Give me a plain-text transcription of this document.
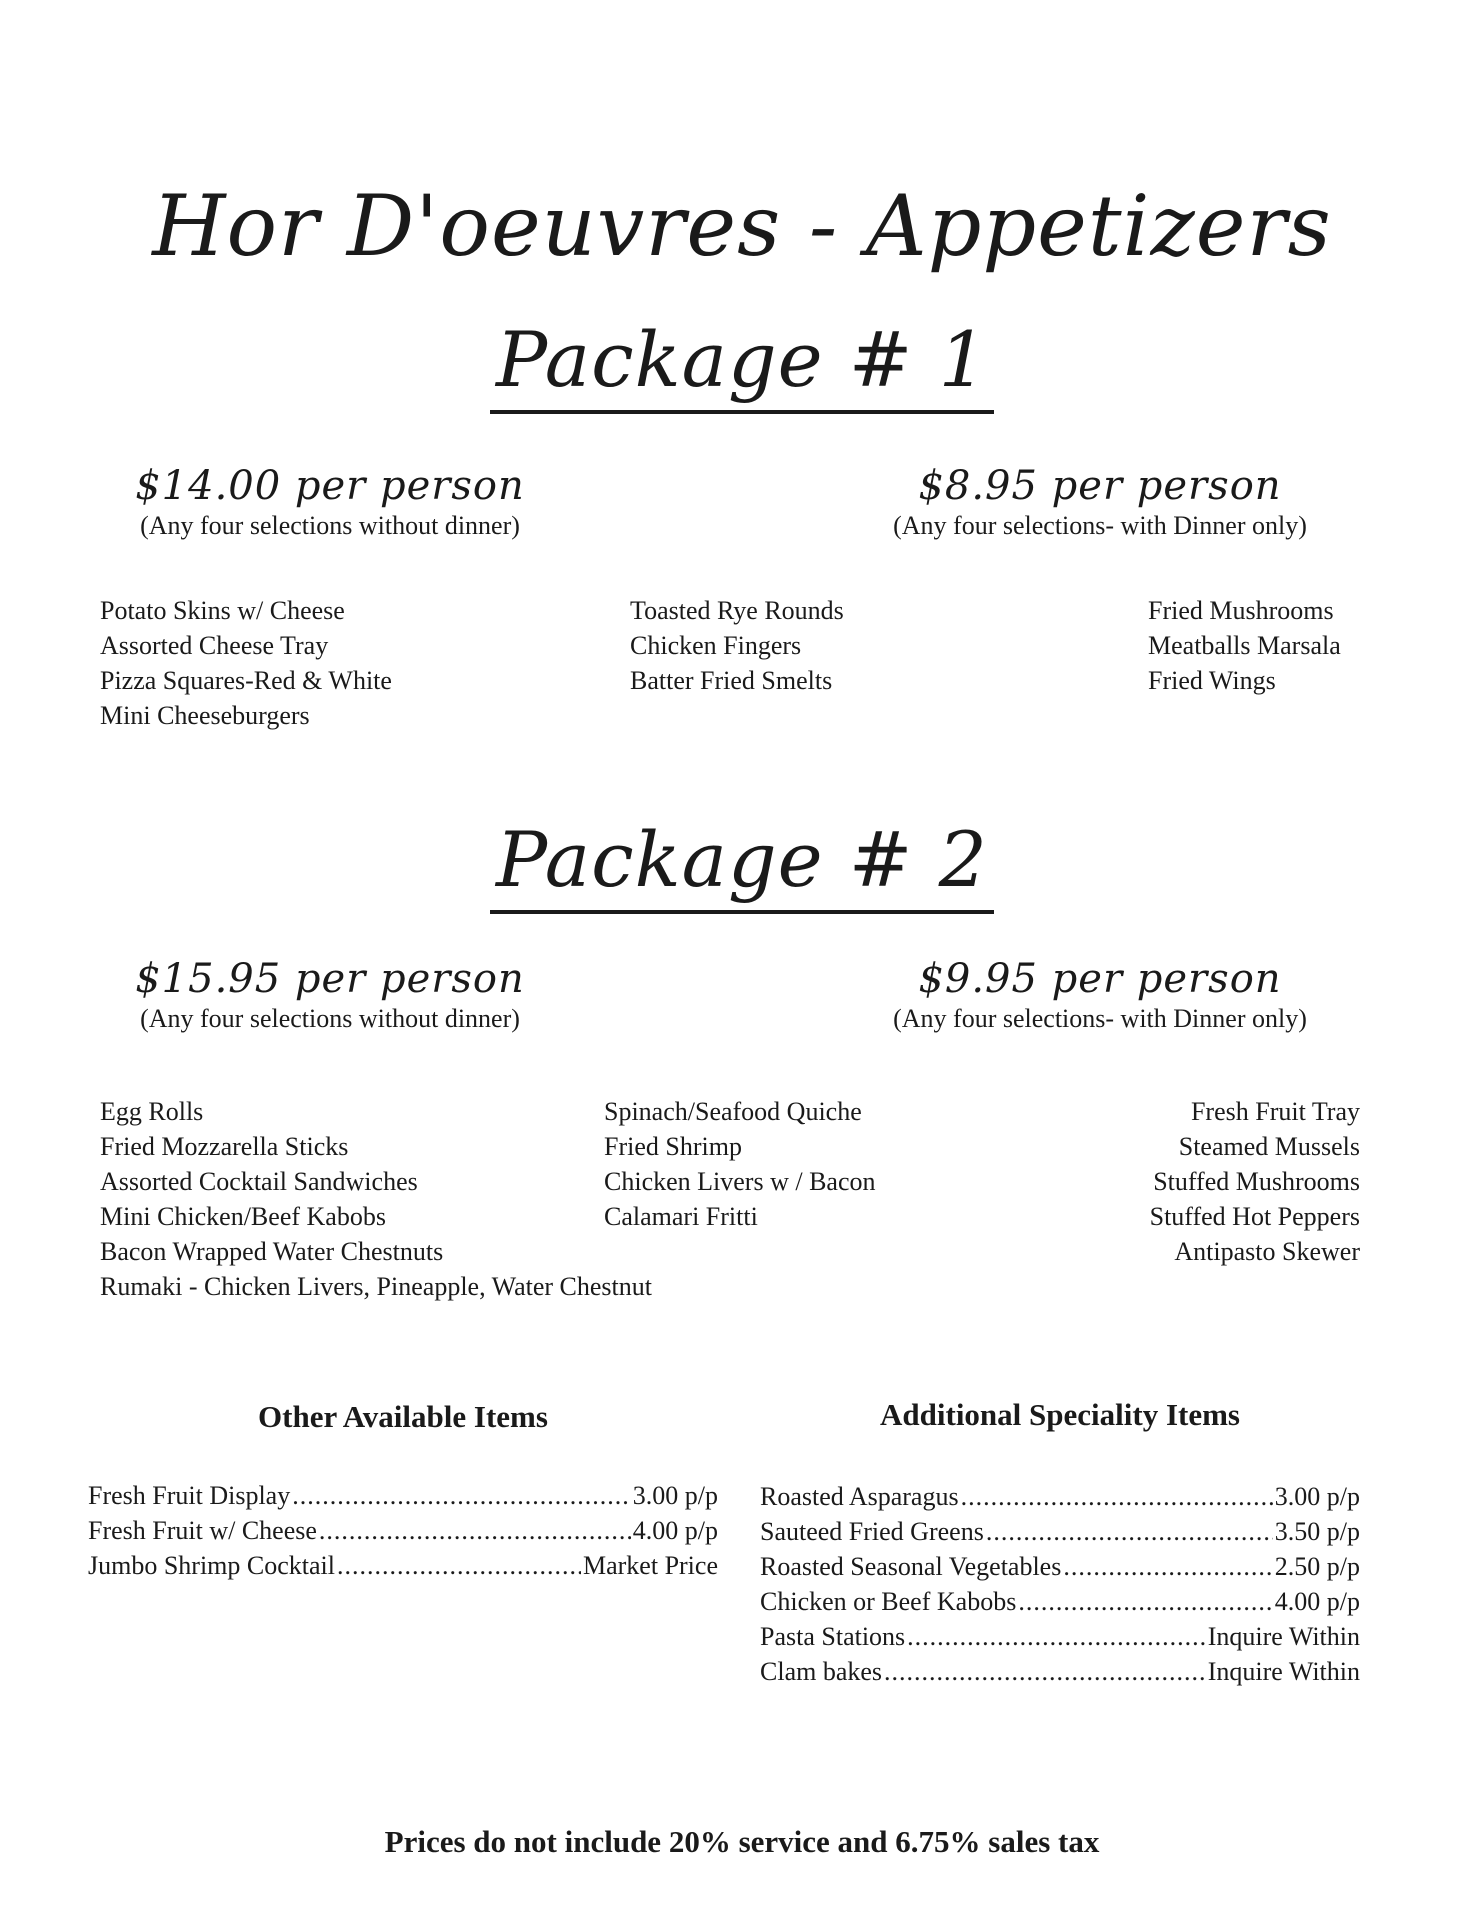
Hor D'oeuvres - Appetizers
Package # 1
$14.00 per person
(Any four selections without dinner)
$8.95 per person
(Any four selections- with Dinner only)
Potato Skins w/ Cheese
Assorted Cheese Tray
Pizza Squares-Red & White
Mini Cheeseburgers
Toasted Rye Rounds
Chicken Fingers
Batter Fried Smelts
Fried Mushrooms
Meatballs Marsala
Fried Wings
Package # 2
$15.95 per person
(Any four selections without dinner)
$9.95 per person
(Any four selections- with Dinner only)
Egg Rolls
Fried Mozzarella Sticks
Assorted Cocktail Sandwiches
Mini Chicken/Beef Kabobs
Bacon Wrapped Water Chestnuts
Rumaki - Chicken Livers, Pineapple, Water Chestnut
Spinach/Seafood Quiche
Fried Shrimp
Chicken Livers w / Bacon
Calamari Fritti
Fresh Fruit Tray
Steamed Mussels
Stuffed Mushrooms
Stuffed Hot Peppers
Antipasto Skewer
Other Available Items
Fresh Fruit Display .....	3.00 p/p
Fresh Fruit w/ Cheese .....	4.00 p/p
Jumbo Shrimp Cocktail .....	Market Price
Additional Speciality Items
Roasted Asparagus .....	3.00 p/p
Sauteed Fried Greens .....	3.50 p/p
Roasted Seasonal Vegetables .....	2.50 p/p
Chicken or Beef Kabobs .....	4.00 p/p
Pasta Stations .....	Inquire Within
Clam bakes .....	Inquire Within
Prices do not include 20% service and 6.75% sales tax
